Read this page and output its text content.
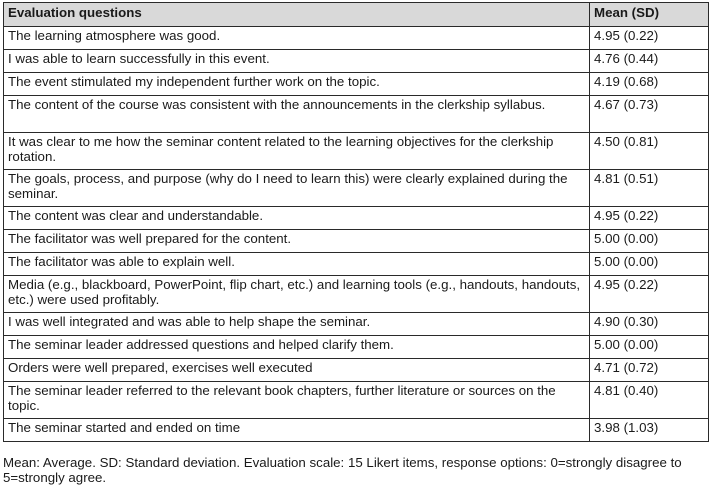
Evaluation questions	Mean (SD)
The learning atmosphere was good.	4.95 (0.22)
I was able to learn successfully in this event.	4.76 (0.44)
The event stimulated my independent further work on the topic.	4.19 (0.68)
The content of the course was consistent with the announcements in the clerkship syllabus.	4.67 (0.73)
It was clear to me how the seminar content related to the learning objectives for the clerkship rotation.	4.50 (0.81)
The goals, process, and purpose (why do I need to learn this) were clearly explained during the seminar.	4.81 (0.51)
The content was clear and understandable.	4.95 (0.22)
The facilitator was well prepared for the content.	5.00 (0.00)
The facilitator was able to explain well.	5.00 (0.00)
Media (e.g., blackboard, PowerPoint, flip chart, etc.) and learning tools (e.g., handouts, handouts, etc.) were used profitably.	4.95 (0.22)
I was well integrated and was able to help shape the seminar.	4.90 (0.30)
The seminar leader addressed questions and helped clarify them.	5.00 (0.00)
Orders were well prepared, exercises well executed	4.71 (0.72)
The seminar leader referred to the relevant book chapters, further literature or sources on the topic.	4.81 (0.40)
The seminar started and ended on time	3.98 (1.03)
Mean: Average. SD: Standard deviation. Evaluation scale: 15 Likert items, response options: 0=strongly disagree to 5=strongly agree.
